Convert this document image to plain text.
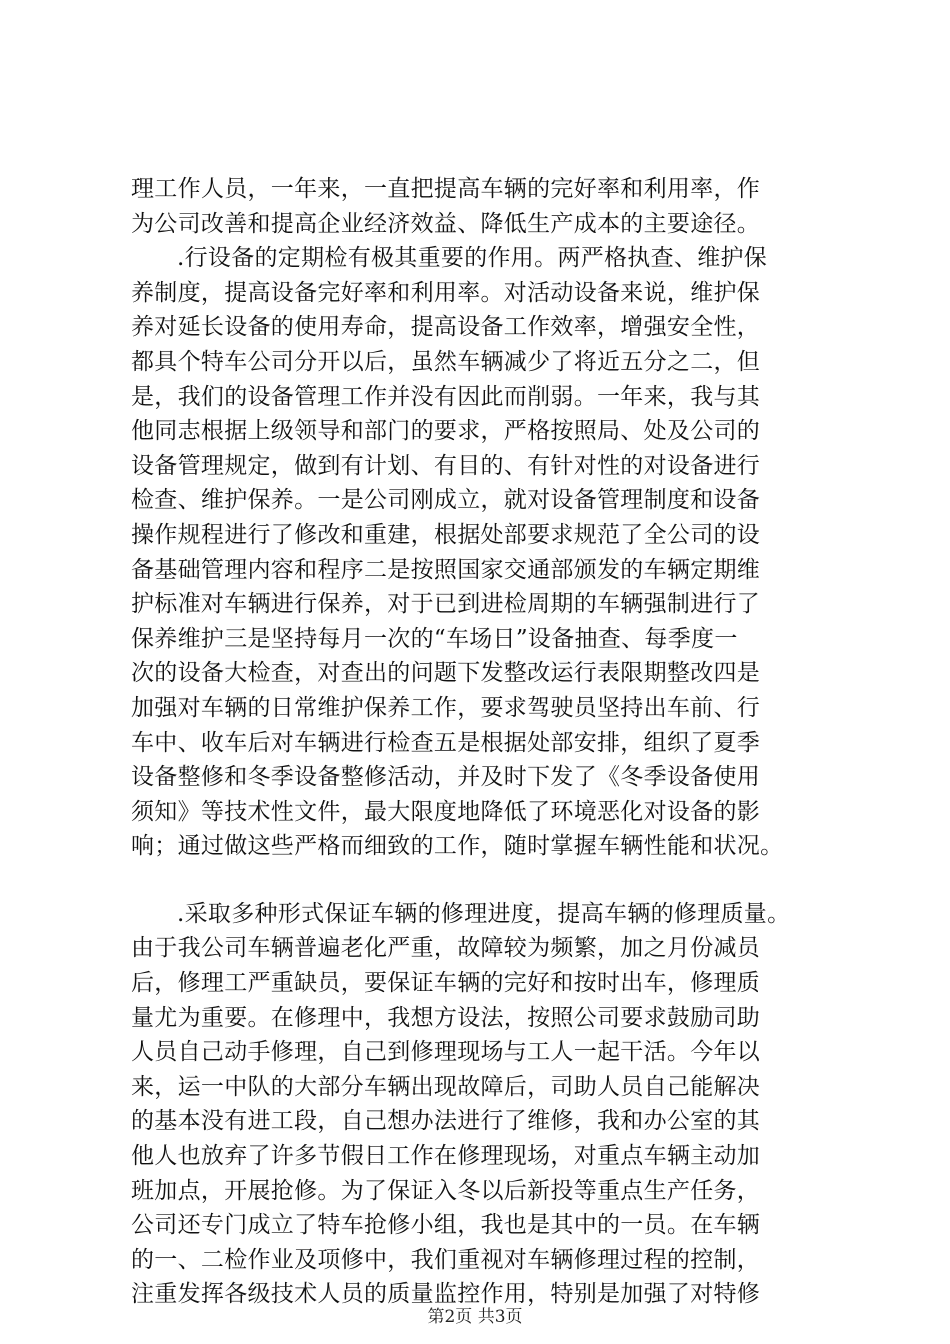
理工作人员，一年来，一直把提高车辆的完好率和利用率，作
为公司改善和提高企业经济效益、降低生产成本的主要途径。
.行设备的定期检有极其重要的作用。两严格执查、维护保
养制度，提高设备完好率和利用率。对活动设备来说，维护保
养对延长设备的使用寿命，提高设备工作效率，增强安全性，
都具个特车公司分开以后，虽然车辆减少了将近五分之二，但
是，我们的设备管理工作并没有因此而削弱。一年来，我与其
他同志根据上级领导和部门的要求，严格按照局、处及公司的
设备管理规定，做到有计划、有目的、有针对性的对设备进行
检查、维护保养。一是公司刚成立，就对设备管理制度和设备
操作规程进行了修改和重建，根据处部要求规范了全公司的设
备基础管理内容和程序二是按照国家交通部颁发的车辆定期维
护标准对车辆进行保养，对于已到进检周期的车辆强制进行了
保养维护三是坚持每月一次的“车场日”设备抽查、每季度一
次的设备大检查，对查出的问题下发整改运行表限期整改四是
加强对车辆的日常维护保养工作，要求驾驶员坚持出车前、行
车中、收车后对车辆进行检查五是根据处部安排，组织了夏季
设备整修和冬季设备整修活动，并及时下发了《冬季设备使用
须知》等技术性文件，最大限度地降低了环境恶化对设备的影
响；通过做这些严格而细致的工作，随时掌握车辆性能和状况。
.采取多种形式保证车辆的修理进度，提高车辆的修理质量。
由于我公司车辆普遍老化严重，故障较为频繁，加之月份减员
后，修理工严重缺员，要保证车辆的完好和按时出车，修理质
量尤为重要。在修理中，我想方设法，按照公司要求鼓励司助
人员自己动手修理，自己到修理现场与工人一起干活。今年以
来，运一中队的大部分车辆出现故障后，司助人员自己能解决
的基本没有进工段，自己想办法进行了维修，我和办公室的其
他人也放弃了许多节假日工作在修理现场，对重点车辆主动加
班加点，开展抢修。为了保证入冬以后新投等重点生产任务，
公司还专门成立了特车抢修小组，我也是其中的一员。在车辆
的一、二检作业及项修中，我们重视对车辆修理过程的控制，
注重发挥各级技术人员的质量监控作用，特别是加强了对特修
第2页 共3页
